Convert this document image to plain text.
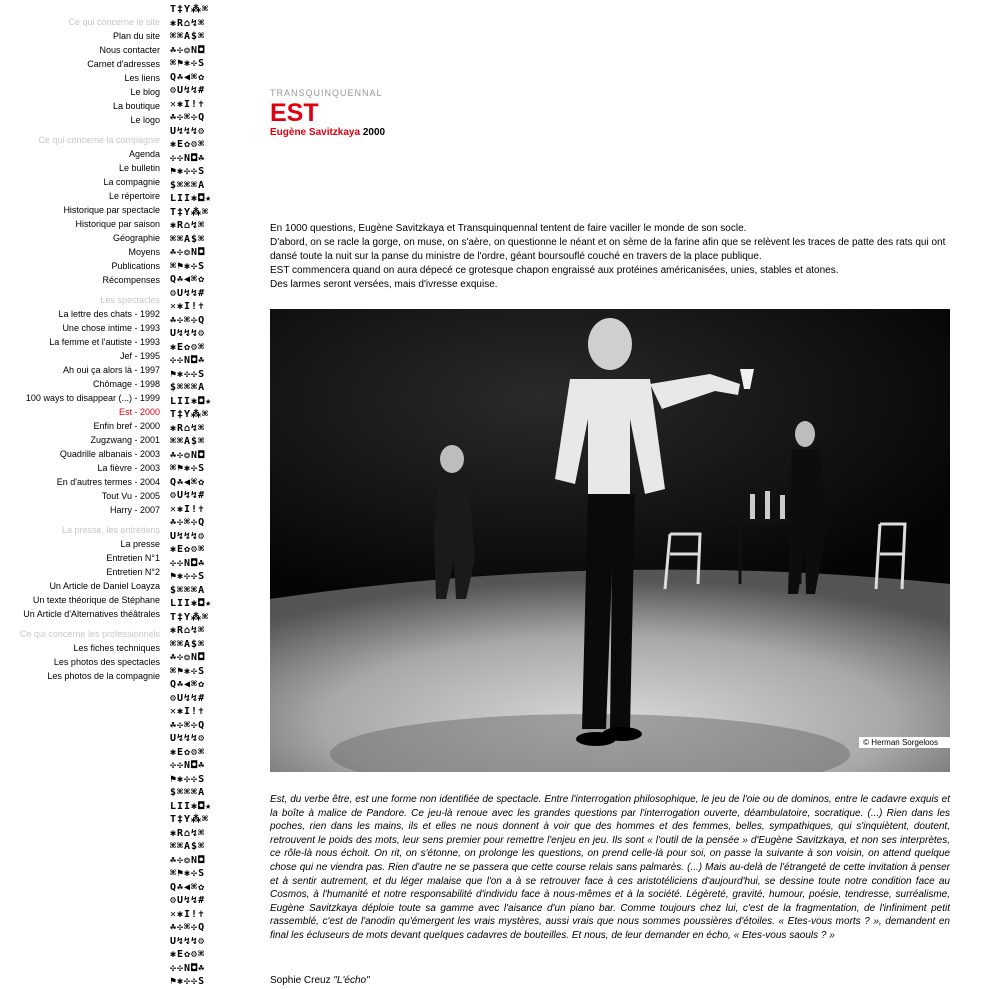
Ce qui concerne le site
Plan du site
Nous contacter
Carnet d'adresses
Les liens
Le blog
La boutique
Le logo
Ce qui concerne la compagnie
Agenda
Le bulletin
La compagnie
Le répertoire
Historique par spectacle
Historique par saison
Géographie
Moyens
Publications
Récompenses
Les spectacles
La lettre des chats - 1992
Une chose intime - 1993
La femme et l'autiste - 1993
Jef - 1995
Ah oui ça alors là - 1997
Chômage - 1998
100 ways to disappear (...) - 1999
Est - 2000
Enfin bref - 2000
Zugzwang - 2001
Quadrille albanais - 2003
La fièvre - 2003
En d'autres termes - 2004
Tout Vu - 2005
Harry - 2007
La presse, les entretiens
La presse
Entretien N°1
Entretien N°2
Un Article de Daniel Loayza
Un texte théorique de Stéphane
Un Article d'Alternatives théâtrales
Ce qui concerne les professionnels
Les fiches techniques
Les photos des spectacles
Les photos de la compagnie
T‡Y⁂⌘
✱R⌂↯⌘
⌘⌘A$⌘
☘✣❂N◘
⌘⚑✱✣S
Q☘◀⌘✿
⚙U↯↯#
✕✱I!✝
☘✣⌘✣Q
U↯↯↯⚙
✱E✿⚙⌘
✣✣N◘☘
⚑✱✣✣S
$⌘⌘⌘A
LII✱◘★
T‡Y⁂⌘
✱R⌂↯⌘
⌘⌘A$⌘
☘✣❂N◘
⌘⚑✱✣S
Q☘◀⌘✿
⚙U↯↯#
✕✱I!✝
☘✣⌘✣Q
U↯↯↯⚙
✱E✿⚙⌘
✣✣N◘☘
⚑✱✣✣S
$⌘⌘⌘A
LII✱◘★
T‡Y⁂⌘
✱R⌂↯⌘
⌘⌘A$⌘
☘✣❂N◘
⌘⚑✱✣S
Q☘◀⌘✿
⚙U↯↯#
✕✱I!✝
☘✣⌘✣Q
U↯↯↯⚙
✱E✿⚙⌘
✣✣N◘☘
⚑✱✣✣S
$⌘⌘⌘A
LII✱◘★
T‡Y⁂⌘
✱R⌂↯⌘
⌘⌘A$⌘
☘✣❂N◘
⌘⚑✱✣S
Q☘◀⌘✿
⚙U↯↯#
✕✱I!✝
☘✣⌘✣Q
U↯↯↯⚙
✱E✿⚙⌘
✣✣N◘☘
⚑✱✣✣S
$⌘⌘⌘A
LII✱◘★
T‡Y⁂⌘
✱R⌂↯⌘
⌘⌘A$⌘
☘✣❂N◘
⌘⚑✱✣S
Q☘◀⌘✿
⚙U↯↯#
✕✱I!✝
☘✣⌘✣Q
U↯↯↯⚙
✱E✿⚙⌘
✣✣N◘☘
⚑✱✣✣S
TRANSQUINQUENNAL
EST
Eugène Savitzkaya 2000
En 1000 questions, Eugène Savitzkaya et Transquinquennal tentent de faire vaciller le monde de son socle.
D'abord, on se racle la gorge, on muse, on s'aère, on questionne le néant et on sème de la farine afin que se relèvent les traces de patte des rats qui ont dansé toute la nuit sur la panse du ministre de l'ordre, géant boursouflé couché en travers de la place publique.
EST commencera quand on aura dépecé ce grotesque chapon engraissé aux protéines américanisées, unies, stables et atones.
Des larmes seront versées, mais d'ivresse exquise.
© Herman Sorgeloos
Est, du verbe être, est une forme non identifiée de spectacle. Entre l'interrogation philosophique, le jeu de l'oie ou de dominos, entre le cadavre exquis et la boîte à malice de Pandore. Ce jeu-là renoue avec les grandes questions par l'interrogation ouverte, déambulatoire, socratique. (...) Rien dans les poches, rien dans les mains, ils et elles ne nous donnent à voir que des hommes et des femmes, belles, sympathiques, qui s'inquiètent, doutent, retrouvent le poids des mots, leur sens premier pour remettre l'enjeu en jeu. Ils sont « l'outil de la pensée » d'Eugène Savitzkaya, et non ses interprètes, ce rôle-là nous échoit. On rit, on s'étonne, on prolonge les questions, on prend celle-là pour soi, on passe la suivante à son voisin, on attend quelque chose qui ne viendra pas. Rien d'autre ne se passera que cette course relais sans palmarès. (...) Mais au-delà de l'étrangeté de cette invitation à penser et à sentir autrement, et du léger malaise que l'on a à se retrouver face à ces aristotéliciens d'aujourd'hui, se dessine toute notre condition face au Cosmos, à l'humanité et notre responsabilité d'individu face à nous-mêmes et à la société. Légèreté, gravité, humour, poésie, tendresse, surréalisme, Eugène Savitzkaya déploie toute sa gamme avec l'aisance d'un piano bar. Comme toujours chez lui, c'est de la fragmentation, de l'infiniment petit rassemblé, c'est de l'anodin qu'émergent les vrais mystères, aussi vrais que nous sommes poussières d'étoiles. « Etes-vous morts ? », demandent en final les écluseurs de mots devant quelques cadavres de bouteilles. Et nous, de leur demander en écho, « Etes-vous saouls ? »
Sophie Creuz "L'écho"
